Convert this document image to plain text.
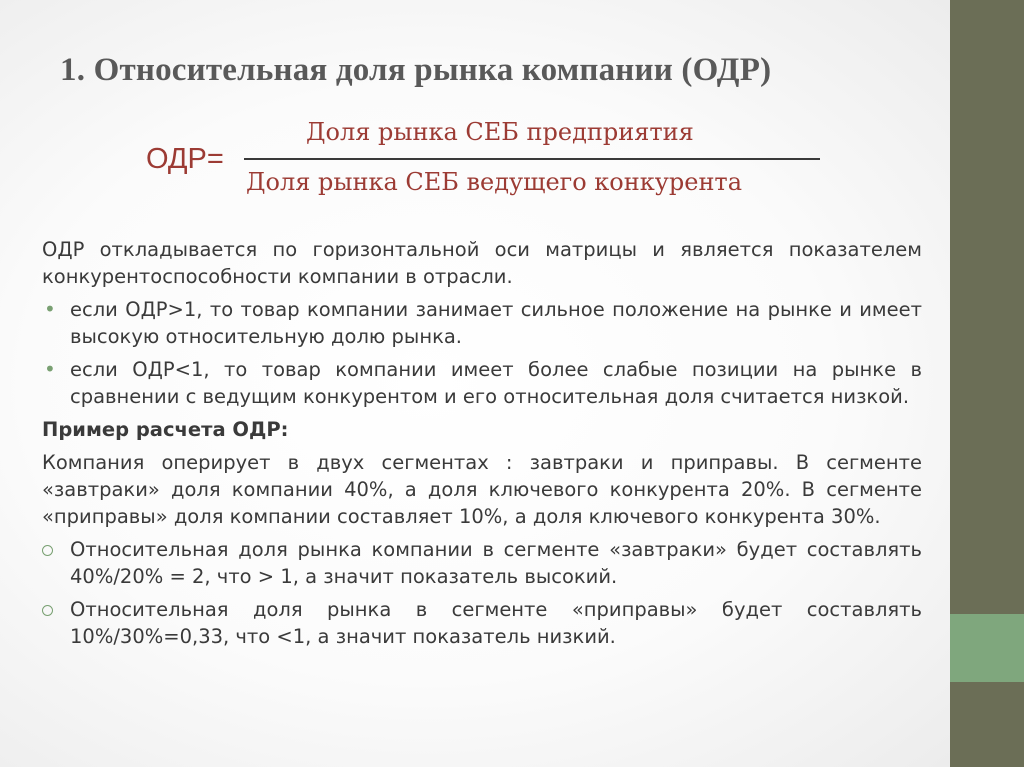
1. Относительная доля рынка компании (ОДР)
ОДР=
Доля рынка СЕБ предприятия
Доля рынка СЕБ ведущего конкурента
ОДР откладывается по горизонтальной оси матрицы и является показателем конкурентоспособности компании в отрасли.
• если ОДР>1, то товар компании занимает сильное положение на рынке и имеет высокую относительную долю рынка.
• если ОДР<1, то товар компании имеет более слабые позиции на рынке в сравнении с ведущим конкурентом и его относительная доля считается низкой.
Пример расчета ОДР:
Компания оперирует в двух сегментах : завтраки и приправы. В сегменте «завтраки» доля компании 40%, а доля ключевого конкурента 20%. В сегменте «приправы» доля компании составляет 10%, а доля ключевого конкурента 30%.
Относительная доля рынка компании в сегменте «завтраки» будет составлять 40%/20% = 2, что > 1, а значит показатель высокий.
Относительная доля рынка в сегменте «приправы» будет составлять 10%/30%=0,33, что <1, а значит показатель низкий.
